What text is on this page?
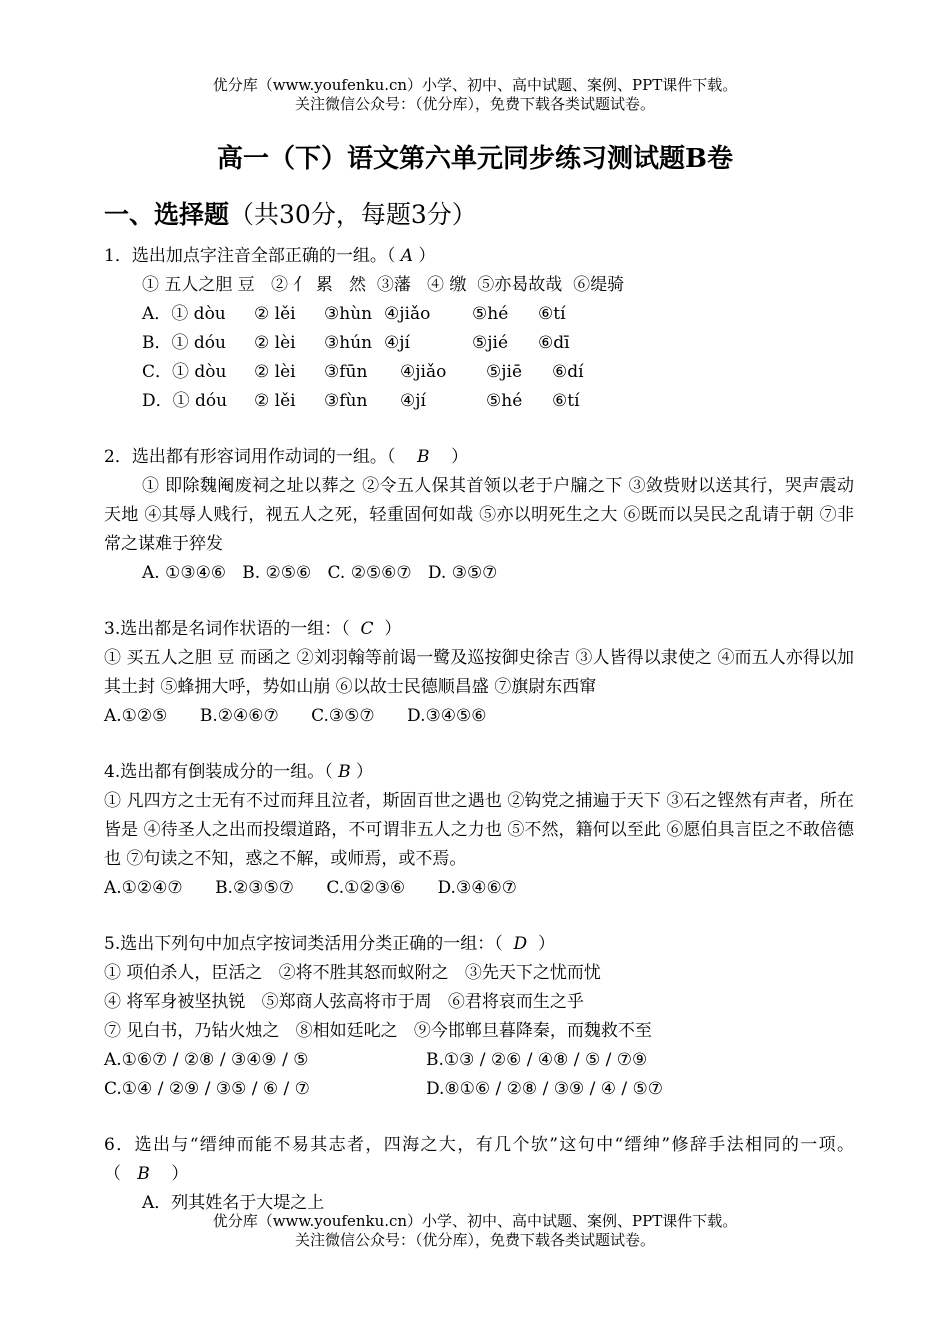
优分库（www.youfenku.cn）小学、初中、高中试题、案例、PPT课件下载。
关注微信公众号：（优分库），免费下载各类试题试卷。
高一（下）语文第六单元同步练习测试题B卷
一、选择题（共30分，每题3分）
1．选出加点字注音全部正确的一组。（ A ）
① 五人之胆 豆   ② 亻 累   然  ③藩   ④ 缴  ⑤亦曷故哉  ⑥缇骑
A．① dòu	② lěi	③hùn ④jiǎo	⑤hé	⑥tí
B．① dóu	② lèi	③hún ④jí	⑤jié	⑥dī
C．① dòu	② lèi	③fūn	④jiǎo	⑤jiē	⑥dí
D．① dóu	② lěi	③fùn	④jí	⑤hé	⑥tí
2．选出都有形容词用作动词的一组。（ B ）
① 即除魏阉废祠之址以葬之 ②令五人保其首领以老于户牖之下 ③敛赀财以送其行，哭声震动天地 ④其辱人贱行，视五人之死，轻重固何如哉 ⑤亦以明死生之大 ⑥既而以吴民之乱请于朝 ⑦非常之谋难于猝发
A. ①③④⑥   B. ②⑤⑥   C. ②⑤⑥⑦   D. ③⑤⑦
3.选出都是名词作状语的一组：（ C ）
① 买五人之胆 豆 而函之 ②刘羽翰等前谒一鹭及巡按御史徐吉 ③人皆得以隶使之 ④而五人亦得以加其土封 ⑤蜂拥大呼，势如山崩 ⑥以故士民德顺昌盛 ⑦旗尉东西窜
A.①②⑤      B.②④⑥⑦      C.③⑤⑦      D.③④⑤⑥
4.选出都有倒装成分的一组。（ B ）
① 凡四方之士无有不过而拜且泣者，斯固百世之遇也 ②钩党之捕遍于天下 ③石之铿然有声者，所在皆是 ④待圣人之出而投缳道路，不可谓非五人之力也 ⑤不然，籍何以至此 ⑥愿伯具言臣之不敢倍德也 ⑦句读之不知，惑之不解，或师焉，或不焉。
A.①②④⑦      B.②③⑤⑦      C.①②③⑥      D.③④⑥⑦
5.选出下列句中加点字按词类活用分类正确的一组：（ D ）
① 项伯杀人，臣活之   ②将不胜其怒而蚁附之   ③先天下之忧而忧
④ 将军身被坚执锐   ⑤郑商人弦高将市于周   ⑥君将哀而生之乎
⑦ 见白书，乃钻火烛之   ⑧相如廷叱之   ⑨今邯郸旦暮降秦，而魏救不至
A.①⑥⑦ / ②⑧ / ③④⑨ / ⑤	B.①③ / ②⑥ / ④⑧ / ⑤ / ⑦⑨
C.①④ / ②⑨ / ③⑤ / ⑥ / ⑦	D.⑧①⑥ / ②⑧ / ③⑨ / ④ / ⑤⑦
6．选出与“缙绅而能不易其志者，四海之大，有几个欤”这句中“缙绅”修辞手法相同的一项。（ B ）
A．列其姓名于大堤之上
优分库（www.youfenku.cn）小学、初中、高中试题、案例、PPT课件下载。
关注微信公众号：（优分库），免费下载各类试题试卷。
